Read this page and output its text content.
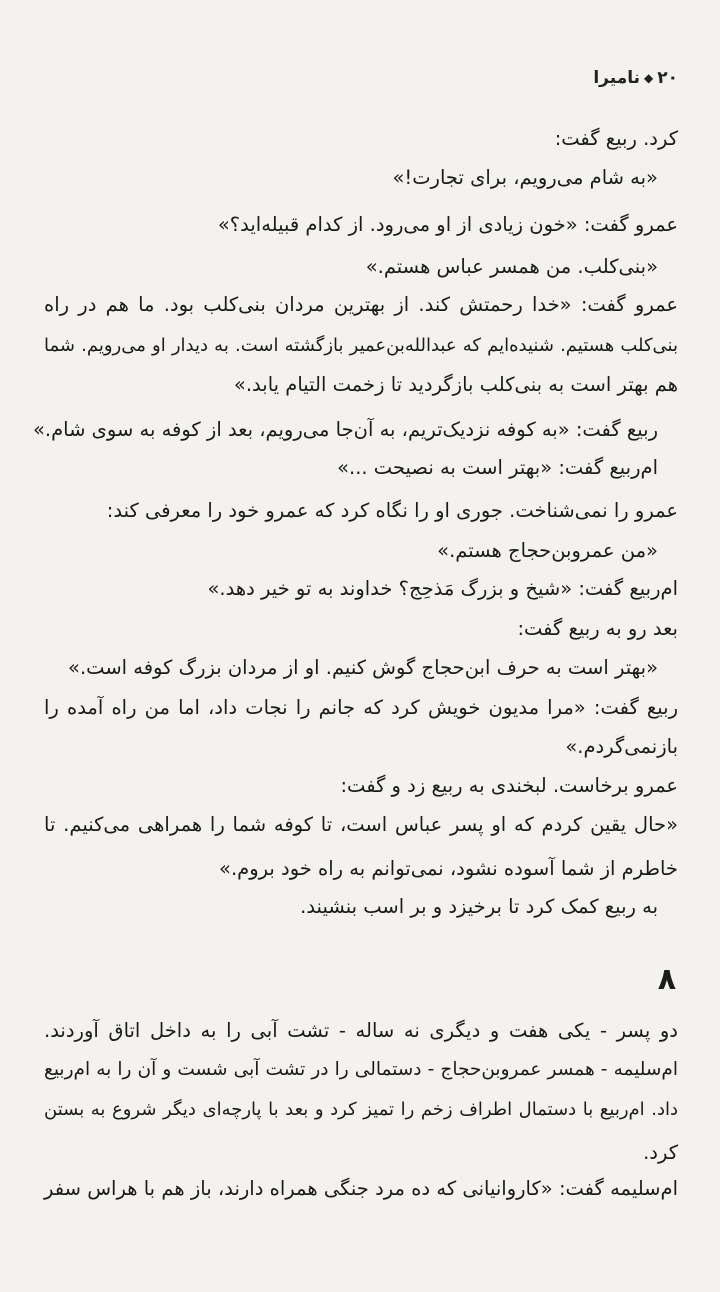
۲۰◆نامیرا
کرد. ربیع گفت:
«به شام می‌رویم، برای تجارت!»
عمرو گفت: «خون زیادی از او می‌رود. از کدام قبیله‌اید؟»
«بنی‌کلب. من همسر عباس هستم.»
عمرو گفت: «خدا رحمتش کند. از بهترین مردان بنی‌کلب بود. ما هم در راه
بنی‌کلب هستیم. شنیده‌ایم که عبدالله‌بن‌عمیر بازگشته است. به دیدار او می‌رویم. شما
هم بهتر است به بنی‌کلب بازگردید تا زخمت التیام یابد.»
ربیع گفت: «به کوفه نزدیک‌تریم، به آن‌جا می‌رویم، بعد از کوفه به سوی شام.»
ام‌ربیع گفت: «بهتر است به نصیحت ...»
عمرو را نمی‌شناخت. جوری او را نگاه کرد که عمرو خود را معرفی کند:
«من عمروبن‌حجاج هستم.»
ام‌ربیع گفت: «شیخ و بزرگ مَذحِج؟ خداوند به تو خیر دهد.»
بعد رو به ربیع گفت:
«بهتر است به حرف ابن‌حجاج گوش کنیم. او از مردان بزرگ کوفه است.»
ربیع گفت: «مرا مدیون خویش کرد که جانم را نجات داد، اما من راه آمده را
بازنمی‌گردم.»
عمرو برخاست. لبخندی به ربیع زد و گفت:
«حال یقین کردم که او پسر عباس است، تا کوفه شما را همراهی می‌کنیم. تا
خاطرم از شما آسوده نشود، نمی‌توانم به راه خود بروم.»
به ربیع کمک کرد تا برخیزد و بر اسب بنشیند.
۸
دو پسر - یکی هفت و دیگری نه ساله - تشت آبی را به داخل اتاق آوردند.
ام‌سلیمه - همسر عمروبن‌حجاج - دستمالی را در تشت آبی شست و آن را به ام‌ربیع
داد. ام‌ربیع با دستمال اطراف زخم را تمیز کرد و بعد با پارچه‌ای دیگر شروع به بستن
کرد.
ام‌سلیمه گفت: «کاروانیانی که ده مرد جنگی همراه دارند، باز هم با هراس سفر
